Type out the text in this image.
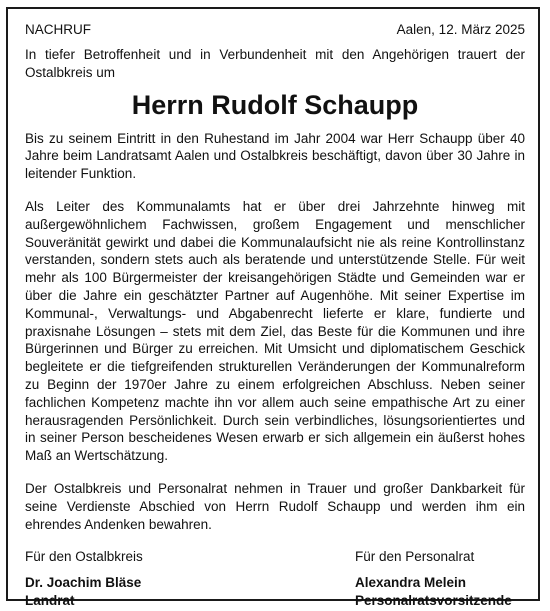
NACHRUF	Aalen, 12. März 2025

In tiefer Betroffenheit und in Verbundenheit mit den Angehörigen trauert der Ostalbkreis um

Herrn Rudolf Schaupp

Bis zu seinem Eintritt in den Ruhestand im Jahr 2004 war Herr Schaupp über 40 Jahre beim Landratsamt Aalen und Ostalbkreis beschäftigt, davon über 30 Jahre in leitender Funktion.

Als Leiter des Kommunalamts hat er über drei Jahrzehnte hinweg mit außergewöhnlichem Fachwissen, großem Engagement und menschlicher Souveränität gewirkt und dabei die Kommunalaufsicht nie als reine Kontrollinstanz verstanden, sondern stets auch als beratende und unterstützende Stelle. Für weit mehr als 100 Bürgermeister der kreisangehörigen Städte und Gemeinden war er über die Jahre ein geschätzter Partner auf Augenhöhe. Mit seiner Expertise im Kommunal-, Verwaltungs- und Abgabenrecht lieferte er klare, fundierte und praxisnahe Lösungen – stets mit dem Ziel, das Beste für die Kommunen und ihre Bürgerinnen und Bürger zu erreichen. Mit Umsicht und diplomatischem Geschick begleitete er die tiefgreifenden strukturellen Veränderungen der Kommunalreform zu Beginn der 1970er Jahre zu einem erfolgreichen Abschluss. Neben seiner fachlichen Kompetenz machte ihn vor allem auch seine empathische Art zu einer herausragenden Persönlichkeit. Durch sein verbindliches, lösungsorientiertes und in seiner Person bescheidenes Wesen erwarb er sich allgemein ein äußerst hohes Maß an Wertschätzung.

Der Ostalbkreis und Personalrat nehmen in Trauer und großer Dankbarkeit für seine Verdienste Abschied von Herrn Rudolf Schaupp und werden ihm ein ehrendes Andenken bewahren.

Für den Ostalbkreis
Dr. Joachim Bläse
Landrat
Für den Personalrat
Alexandra Melein
Personalratsvorsitzende
